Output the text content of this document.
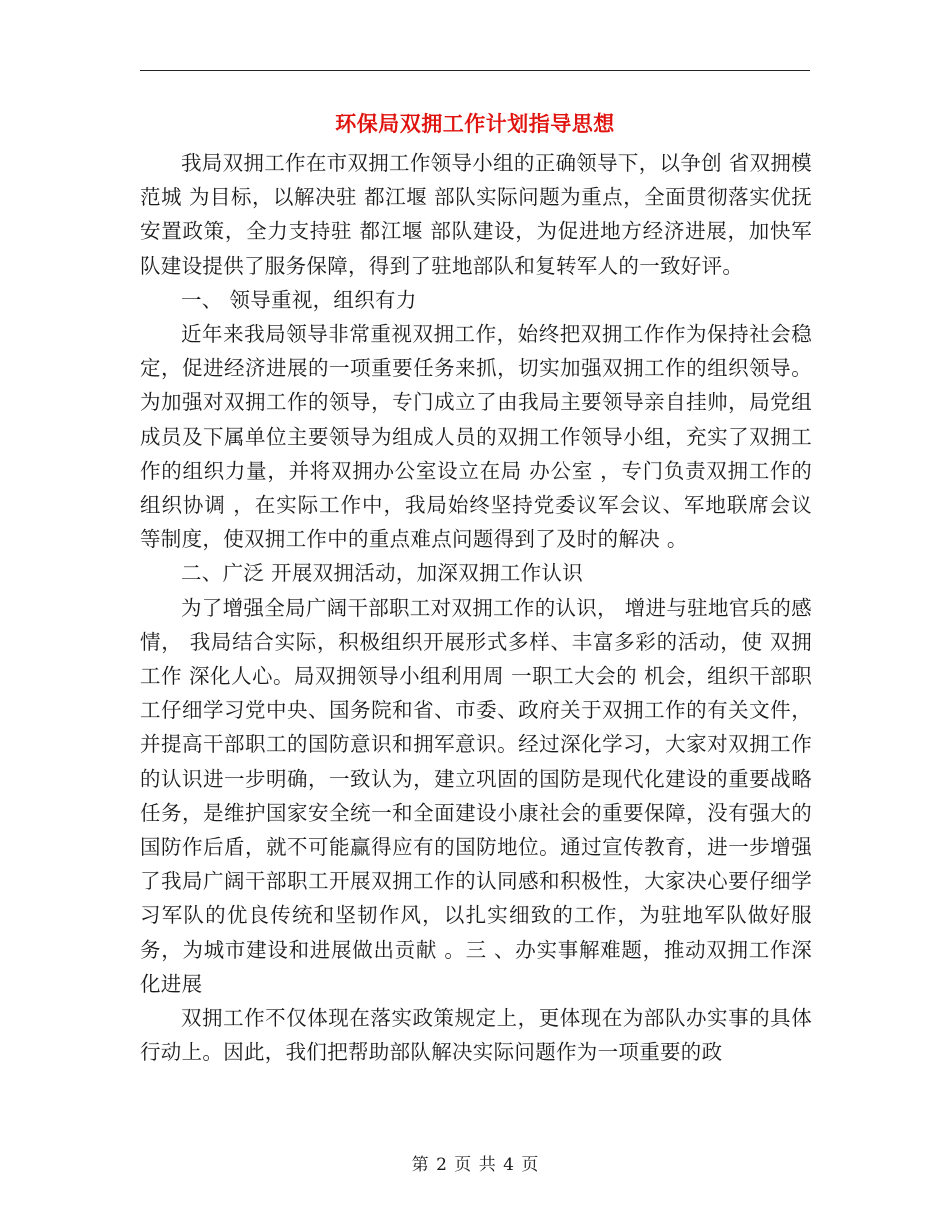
环保局双拥工作计划指导思想

我局双拥工作在市双拥工作领导小组的正确领导下，以争创 省双拥模范城 为目标，以解决驻 都江堰 部队实际问题为重点，全面贯彻落实优抚安置政策，全力支持驻 都江堰 部队建设，为促进地方经济进展，加快军队建设提供了服务保障，得到了驻地部队和复转军人的一致好评。

一、 领导重视，组织有力

近年来我局领导非常重视双拥工作，始终把双拥工作作为保持社会稳定，促进经济进展的一项重要任务来抓，切实加强双拥工作的组织领导。为加强对双拥工作的领导，专门成立了由我局主要领导亲自挂帅，局党组成员及下属单位主要领导为组成人员的双拥工作领导小组，充实了双拥工作的组织力量，并将双拥办公室设立在局 办公室 ，专门负责双拥工作的组织协调 ，在实际工作中，我局始终坚持党委议军会议、军地联席会议等制度，使双拥工作中的重点难点问题得到了及时的解决 。

二、广泛 开展双拥活动，加深双拥工作认识

为了增强全局广阔干部职工对双拥工作的认识， 增进与驻地官兵的感情， 我局结合实际，积极组织开展形式多样、丰富多彩的活动，使 双拥工作 深化人心。局双拥领导小组利用周 一职工大会的 机会，组织干部职工仔细学习党中央、国务院和省、市委、政府关于双拥工作的有关文件，并提高干部职工的国防意识和拥军意识。经过深化学习，大家对双拥工作的认识进一步明确，一致认为，建立巩固的国防是现代化建设的重要战略任务，是维护国家安全统一和全面建设小康社会的重要保障，没有强大的国防作后盾，就不可能赢得应有的国防地位。通过宣传教育，进一步增强了我局广阔干部职工开展双拥工作的认同感和积极性，大家决心要仔细学习军队的优良传统和坚韧作风，以扎实细致的工作，为驻地军队做好服务，为城市建设和进展做出贡献 。三 、办实事解难题，推动双拥工作深化进展

双拥工作不仅体现在落实政策规定上，更体现在为部队办实事的具体行动上。因此，我们把帮助部队解决实际问题作为一项重要的政

第 2 页 共 4 页
